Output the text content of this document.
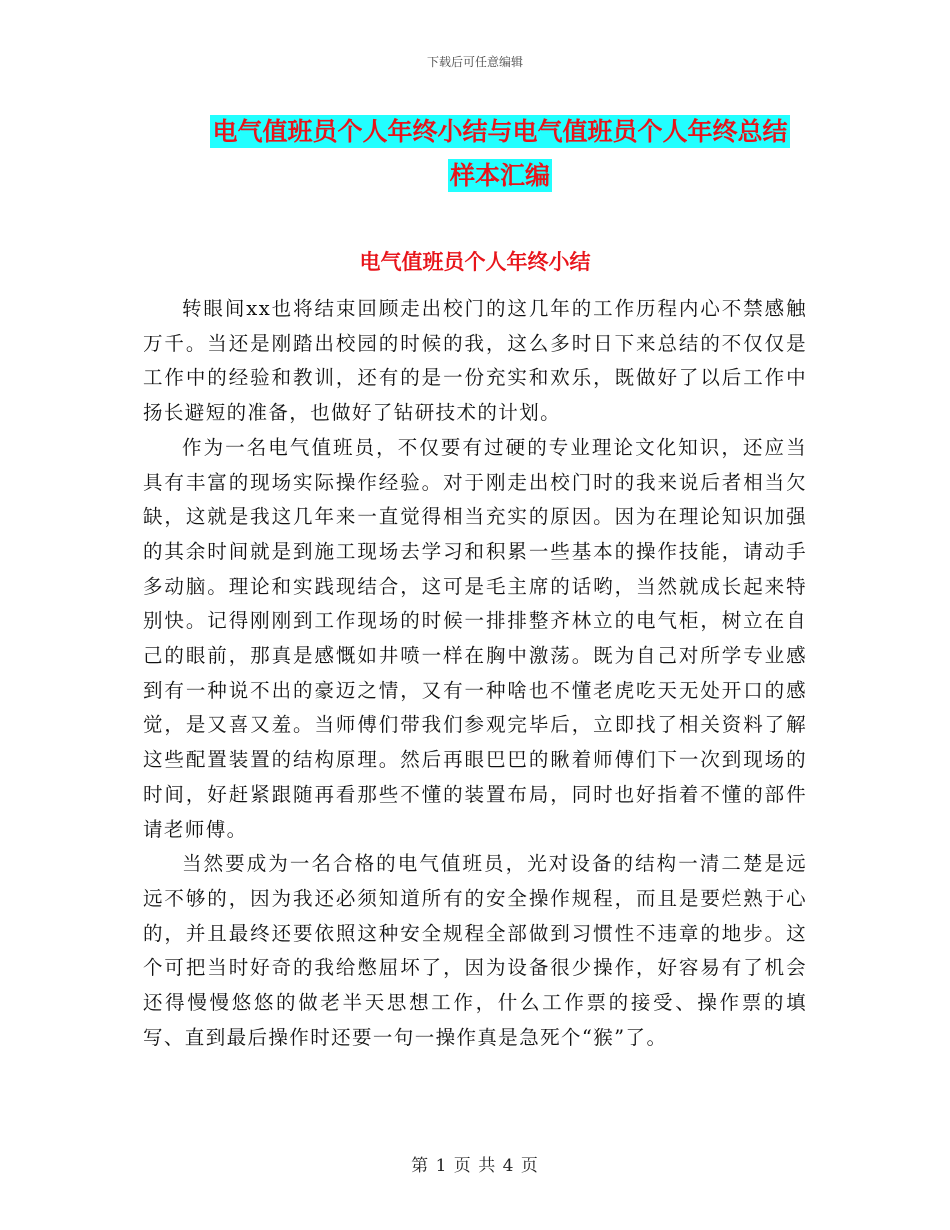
下载后可任意编辑
电气值班员个人年终小结与电气值班员个人年终总结
样本汇编
电气值班员个人年终小结

转眼间xx也将结束回顾走出校门的这几年的工作历程内心不禁感触万千。当还是刚踏出校园的时候的我，这么多时日下来总结的不仅仅是工作中的经验和教训，还有的是一份充实和欢乐，既做好了以后工作中扬长避短的准备，也做好了钻研技术的计划。

作为一名电气值班员，不仅要有过硬的专业理论文化知识，还应当具有丰富的现场实际操作经验。对于刚走出校门时的我来说后者相当欠缺，这就是我这几年来一直觉得相当充实的原因。因为在理论知识加强的其余时间就是到施工现场去学习和积累一些基本的操作技能，请动手多动脑。理论和实践现结合，这可是毛主席的话哟，当然就成长起来特别快。记得刚刚到工作现场的时候一排排整齐林立的电气柜，树立在自己的眼前，那真是感慨如井喷一样在胸中激荡。既为自己对所学专业感到有一种说不出的豪迈之情，又有一种啥也不懂老虎吃天无处开口的感觉，是又喜又羞。当师傅们带我们参观完毕后，立即找了相关资料了解这些配置装置的结构原理。然后再眼巴巴的瞅着师傅们下一次到现场的时间，好赶紧跟随再看那些不懂的装置布局，同时也好指着不懂的部件请老师傅。

当然要成为一名合格的电气值班员，光对设备的结构一清二楚是远远不够的，因为我还必须知道所有的安全操作规程，而且是要烂熟于心的，并且最终还要依照这种安全规程全部做到习惯性不违章的地步。这个可把当时好奇的我给憋屈坏了，因为设备很少操作，好容易有了机会还得慢慢悠悠的做老半天思想工作，什么工作票的接受、操作票的填写、直到最后操作时还要一句一操作真是急死个“猴”了。

第 1 页 共 4 页
